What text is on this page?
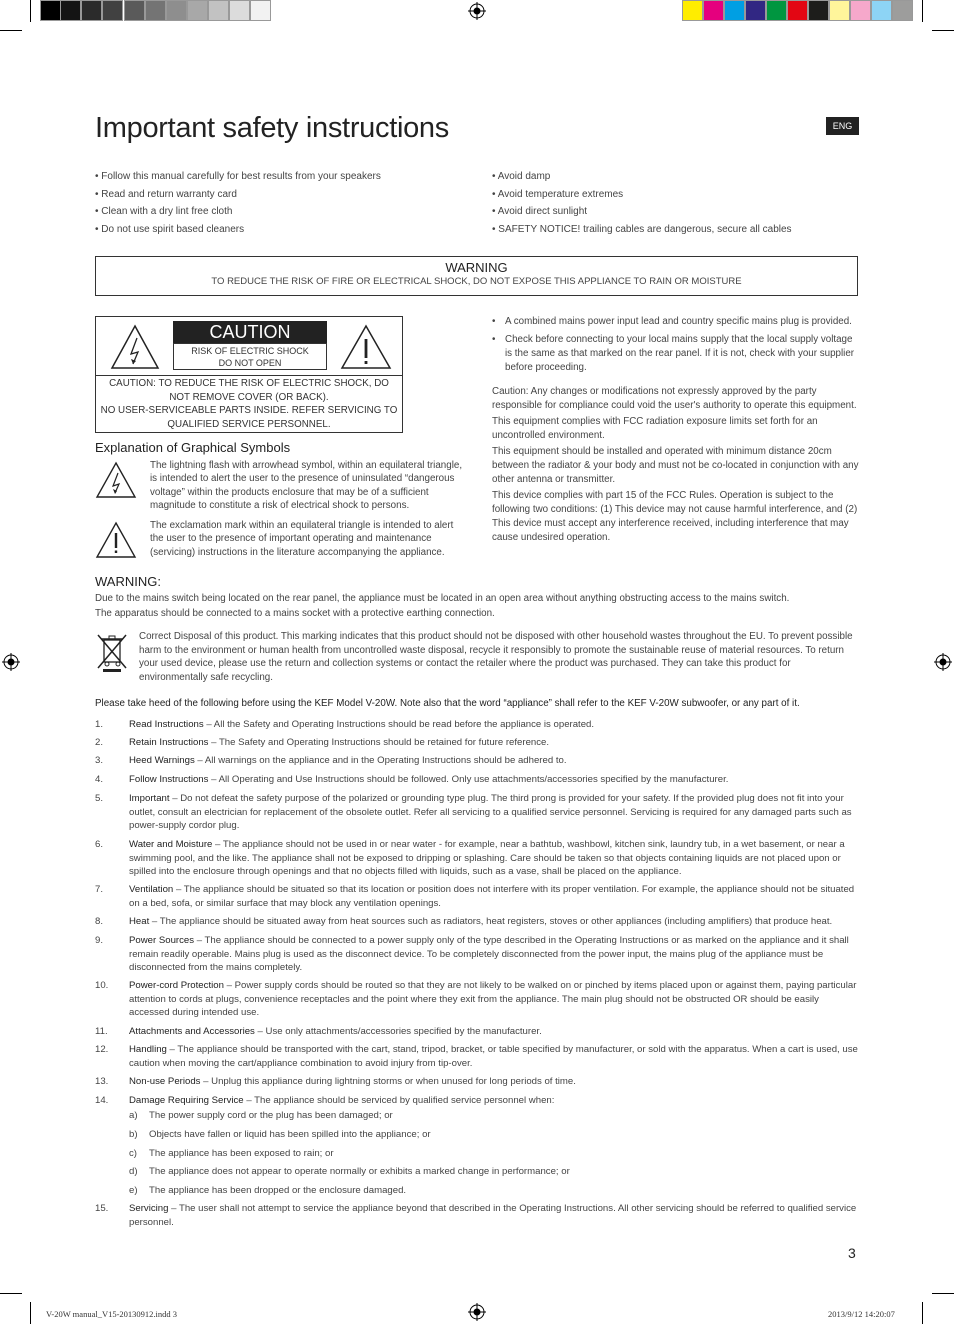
Important safety instructions	ENG
• Follow this manual carefully for best results from your speakers
• Read and return warranty card
• Clean with a dry lint free cloth
• Do not use spirit based cleaners
• Avoid damp
• Avoid temperature extremes
• Avoid direct sunlight
• SAFETY NOTICE! trailing cables are dangerous, secure all cables
WARNING
TO REDUCE THE RISK OF FIRE OR ELECTRICAL SHOCK, DO NOT EXPOSE THIS APPLIANCE TO RAIN OR MOISTURE
CAUTION
RISK OF ELECTRIC SHOCK
DO NOT OPEN
CAUTION: TO REDUCE THE RISK OF ELECTRIC SHOCK, DO
NOT REMOVE COVER (OR BACK).
NO USER-SERVICEABLE PARTS INSIDE. REFER SERVICING TO
QUALIFIED SERVICE PERSONNEL.
Explanation of Graphical Symbols
The lightning flash with arrowhead symbol, within an equilateral triangle, is intended to alert the user to the presence of uninsulated “dangerous voltage” within the products enclosure that may be of a sufficient magnitude to constitute a risk of electrical shock to persons.
The exclamation mark within an equilateral triangle is intended to alert the user to the presence of important operating and maintenance (servicing) instructions in the literature accompanying the appliance.
• A combined mains power input lead and country specific mains plug is provided.
• Check before connecting to your local mains supply that the local supply voltage is the same as that marked on the rear panel. If it is not, check with your supplier before proceeding.
Caution: Any changes or modifications not expressly approved by the party responsible for compliance could void the user's authority to operate this equipment.
This equipment complies with FCC radiation exposure limits set forth for an uncontrolled environment.
This equipment should be installed and operated with minimum distance 20cm between the radiator & your body and must not be co-located in conjunction with any other antenna or transmitter.
This device complies with part 15 of the FCC Rules. Operation is subject to the following two conditions: (1) This device may not cause harmful interference, and (2) This device must accept any interference received, including interference that may cause undesired operation.
WARNING:
Due to the mains switch being located on the rear panel, the appliance must be located in an open area without anything obstructing access to the mains switch.
The apparatus should be connected to a mains socket with a protective earthing connection.
Correct Disposal of this product. This marking indicates that this product should not be disposed with other household wastes throughout the EU. To prevent possible harm to the environment or human health from uncontrolled waste disposal, recycle it responsibly to promote the sustainable reuse of material resources. To return your used device, please use the return and collection systems or contact the retailer where the product was purchased. They can take this product for environmentally safe recycling.
Please take heed of the following before using the KEF Model V-20W. Note also that the word “appliance” shall refer to the KEF V-20W subwoofer, or any part of it.
1.	Read Instructions – All the Safety and Operating Instructions should be read before the appliance is operated.
2.	Retain Instructions – The Safety and Operating Instructions should be retained for future reference.
3.	Heed Warnings – All warnings on the appliance and in the Operating Instructions should be adhered to.
4.	Follow Instructions – All Operating and Use Instructions should be followed. Only use attachments/accessories specified by the manufacturer.
5.	Important – Do not defeat the safety purpose of the polarized or grounding type plug. The third prong is provided for your safety. If the provided plug does not fit into your outlet, consult an electrician for replacement of the obsolete outlet. Refer all servicing to a qualified service personnel. Servicing is required for any damaged parts such as power-supply cordor plug.
6.	Water and Moisture – The appliance should not be used in or near water - for example, near a bathtub, washbowl, kitchen sink, laundry tub, in a wet basement, or near a swimming pool, and the like. The appliance shall not be exposed to dripping or splashing. Care should be taken so that objects containing liquids are not placed upon or spilled into the enclosure through openings and that no objects filled with liquids, such as a vase, shall be placed on the appliance.
7.	Ventilation – The appliance should be situated so that its location or position does not interfere with its proper ventilation. For example, the appliance should not be situated on a bed, sofa, or similar surface that may block any ventilation openings.
8.	Heat – The appliance should be situated away from heat sources such as radiators, heat registers, stoves or other appliances (including amplifiers) that produce heat.
9.	Power Sources – The appliance should be connected to a power supply only of the type described in the Operating Instructions or as marked on the appliance and it shall remain readily operable. Mains plug is used as the disconnect device. To be completely disconnected from the power input, the mains plug of the appliance must be disconnected from the mains completely.
10.	Power-cord Protection – Power supply cords should be routed so that they are not likely to be walked on or pinched by items placed upon or against them, paying particular attention to cords at plugs, convenience receptacles and the point where they exit from the appliance. The main plug should not be obstructed OR should be easily accessed during intended use.
11.	Attachments and Accessories – Use only attachments/accessories specified by the manufacturer.
12.	Handling – The appliance should be transported with the cart, stand, tripod, bracket, or table specified by manufacturer, or sold with the apparatus. When a cart is used, use caution when moving the cart/appliance combination to avoid injury from tip-over.
13.	Non-use Periods – Unplug this appliance during lightning storms or when unused for long periods of time.
14.	Damage Requiring Service – The appliance should be serviced by qualified service personnel when:
15.	Servicing – The user shall not attempt to service the appliance beyond that described in the Operating Instructions. All other servicing should be referred to qualified service personnel.
a) The power supply cord or the plug has been damaged; or
b) Objects have fallen or liquid has been spilled into the appliance; or
c) The appliance has been exposed to rain; or
d) The appliance does not appear to operate normally or exhibits a marked change in performance; or
e) The appliance has been dropped or the enclosure damaged.
3
V-20W manual_V15-20130912.indd 3	2013/9/12 14:20:07
